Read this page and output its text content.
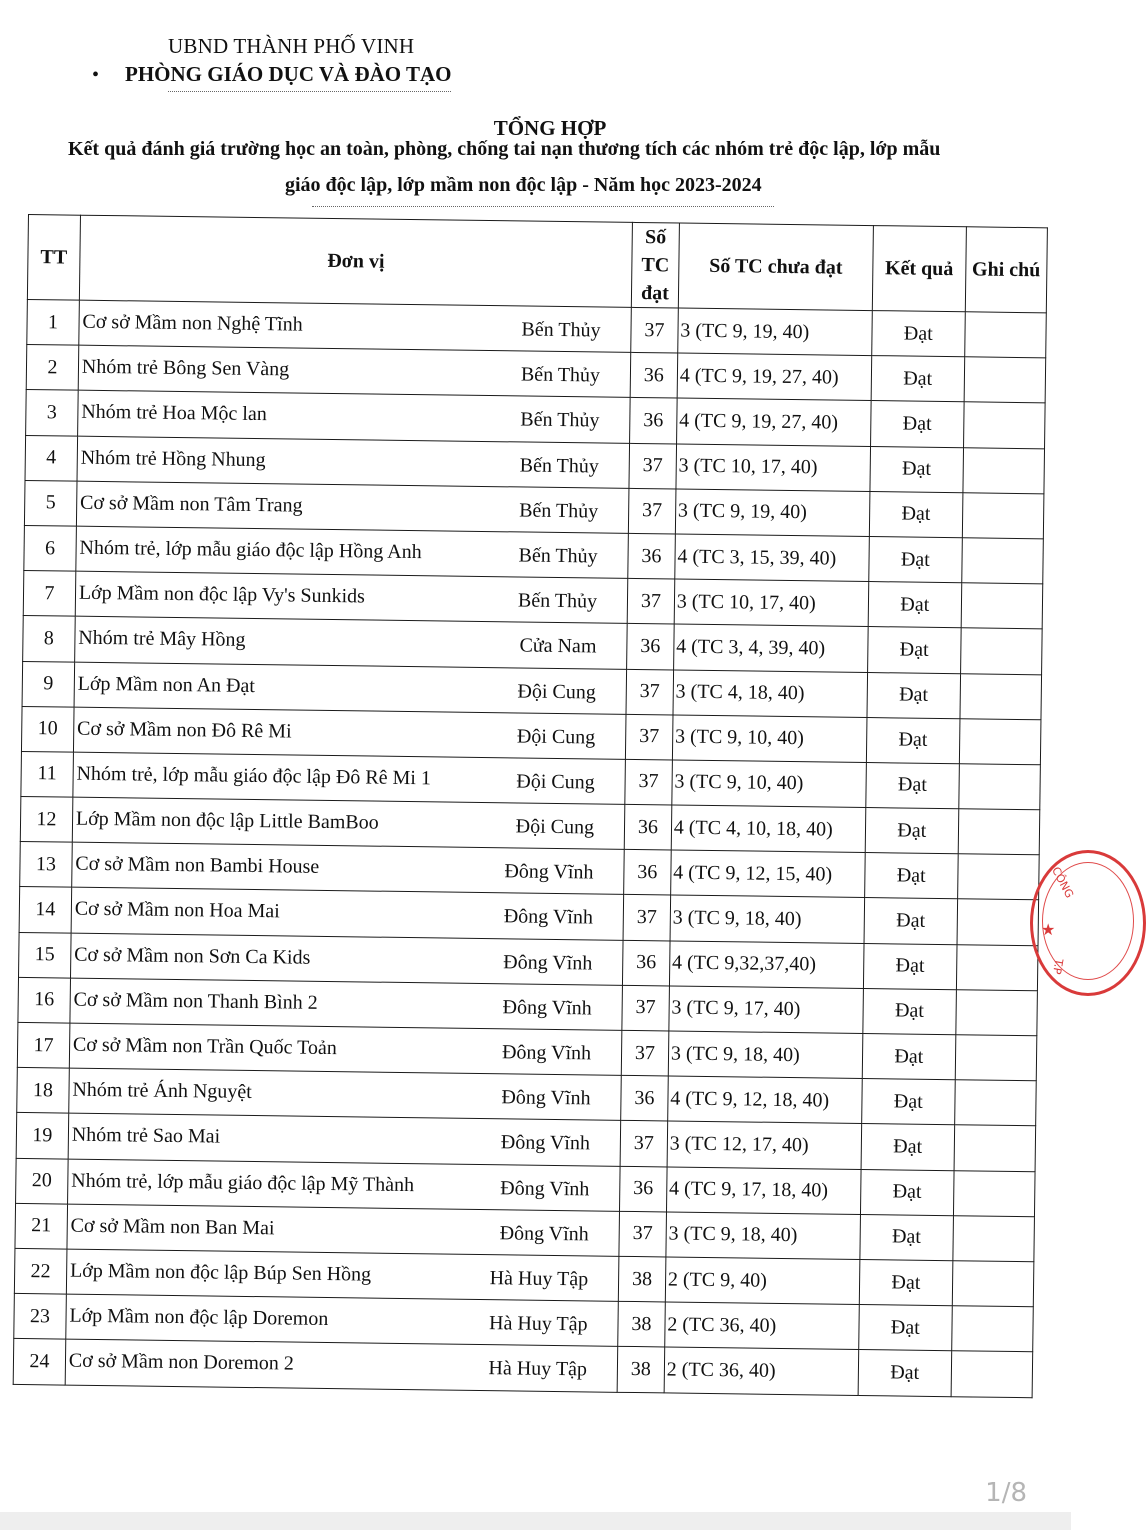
UBND THÀNH PHỐ VINH
• PHÒNG GIÁO DỤC VÀ ĐÀO TẠO
TỔNG HỢP
Kết quả đánh giá trường học an toàn, phòng, chống tai nạn thương tích các nhóm trẻ độc lập, lớp mẫu
giáo độc lập, lớp mầm non độc lập - Năm học 2023-2024
TT	Đơn vị	Số TC đạt	Số TC chưa đạt	Kết quả	Ghi chú
1	Cơ sở Mầm non Nghệ Tĩnh Bến Thủy	37	3 (TC 9, 19, 40)	Đạt	
2	Nhóm trẻ Bông Sen Vàng Bến Thủy	36	4 (TC 9, 19, 27, 40)	Đạt	
3	Nhóm trẻ Hoa Mộc lan Bến Thủy	36	4 (TC 9, 19, 27, 40)	Đạt	
4	Nhóm trẻ Hồng Nhung Bến Thủy	37	3 (TC 10, 17, 40)	Đạt	
5	Cơ sở Mầm non Tâm Trang Bến Thủy	37	3 (TC 9, 19, 40)	Đạt	
6	Nhóm trẻ, lớp mẫu giáo độc lập Hồng Anh Bến Thủy	36	4 (TC 3, 15, 39, 40)	Đạt	
7	Lớp Mầm non độc lập Vy's Sunkids Bến Thủy	37	3 (TC 10, 17, 40)	Đạt	
8	Nhóm trẻ Mây Hồng Cửa Nam	36	4 (TC 3, 4, 39, 40)	Đạt	
9	Lớp Mầm non An Đạt Đội Cung	37	3 (TC 4, 18, 40)	Đạt	
10	Cơ sở Mầm non Đô Rê Mi Đội Cung	37	3 (TC 9, 10, 40)	Đạt	
11	Nhóm trẻ, lớp mẫu giáo độc lập Đô Rê Mi 1 Đội Cung	37	3 (TC 9, 10, 40)	Đạt	
12	Lớp Mầm non độc lập Little BamBoo Đội Cung	36	4 (TC 4, 10, 18, 40)	Đạt	
13	Cơ sở Mầm non Bambi House Đông Vĩnh	36	4 (TC 9, 12, 15, 40)	Đạt	
14	Cơ sở Mầm non Hoa Mai Đông Vĩnh	37	3 (TC 9, 18, 40)	Đạt	
15	Cơ sở Mầm non Sơn Ca Kids Đông Vĩnh	36	4 (TC 9,32,37,40)	Đạt	
16	Cơ sở Mầm non Thanh Bình 2 Đông Vĩnh	37	3 (TC 9, 17, 40)	Đạt	
17	Cơ sở Mầm non Trần Quốc Toản Đông Vĩnh	37	3 (TC 9, 18, 40)	Đạt	
18	Nhóm trẻ Ánh Nguyệt Đông Vĩnh	36	4 (TC 9, 12, 18, 40)	Đạt	
19	Nhóm trẻ Sao Mai Đông Vĩnh	37	3 (TC 12, 17, 40)	Đạt	
20	Nhóm trẻ, lớp mẫu giáo độc lập Mỹ Thành Đông Vĩnh	36	4 (TC 9, 17, 18, 40)	Đạt	
21	Cơ sở Mầm non Ban Mai Đông Vĩnh	37	3 (TC 9, 18, 40)	Đạt	
22	Lớp Mầm non độc lập Búp Sen Hồng Hà Huy Tập	38	2 (TC 9, 40)	Đạt	
23	Lớp Mầm non độc lập Doremon Hà Huy Tập	38	2 (TC 36, 40)	Đạt	
24	Cơ sở Mầm non Doremon 2 Hà Huy Tập	38	2 (TC 36, 40)	Đạt	
CÔNG
★
T.P
1/8
